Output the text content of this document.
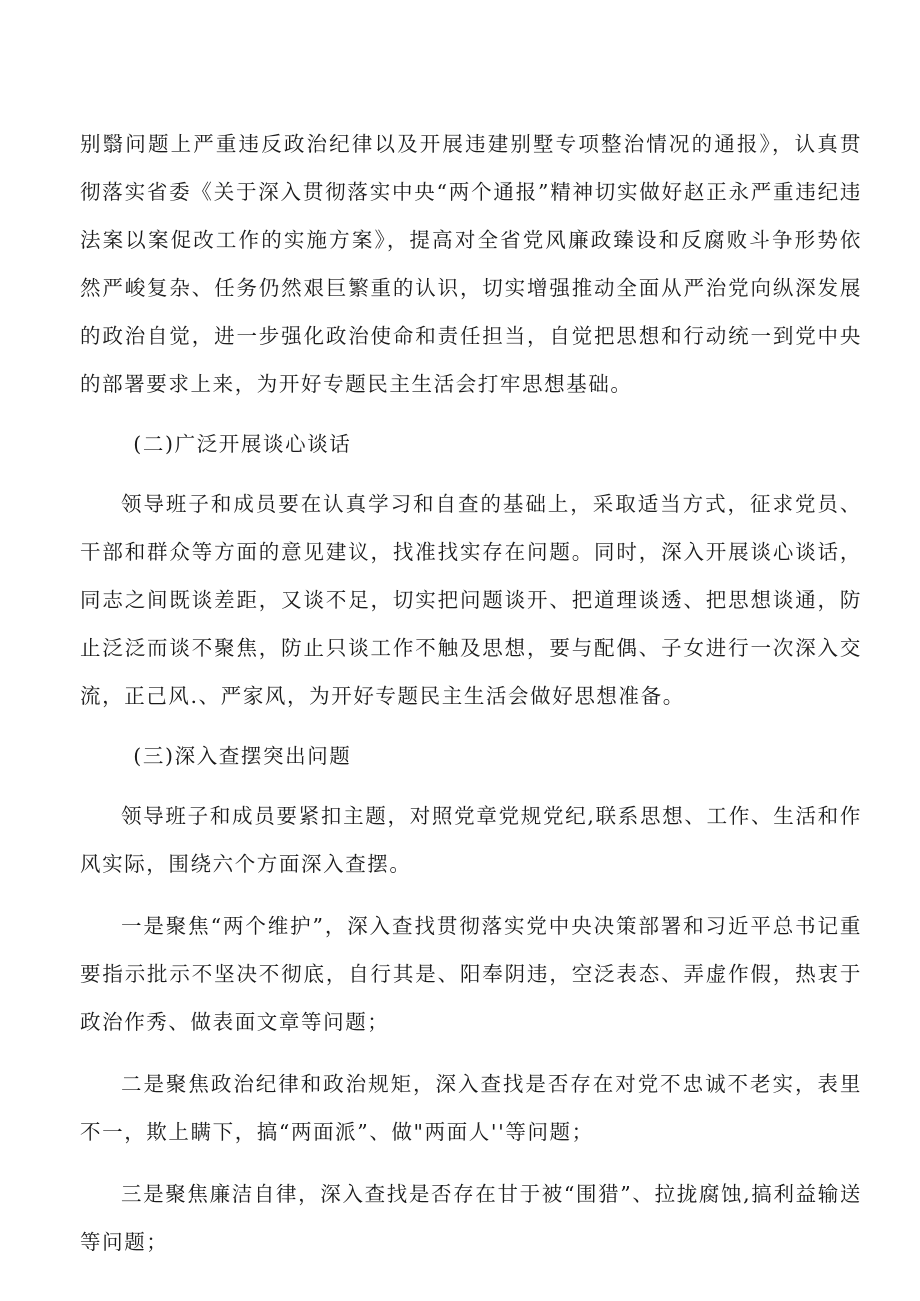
别翳问题上严重违反政治纪律以及开展违建别墅专项整治情况的通报》，认真贯彻落实省委《关于深入贯彻落实中央“两个通报”精神切实做好赵正永严重违纪违法案以案促改工作的实施方案》，提高对全省党风廉政臻设和反腐败斗争形势依然严峻复杂、任务仍然艰巨繁重的认识，切实增强推动全面从严治党向纵深发展的政治自觉，进一步强化政治使命和责任担当，自觉把思想和行动统一到党中央的部署要求上来，为开好专题民主生活会打牢思想基础。

(二)广泛开展谈心谈话

领导班子和成员要在认真学习和自查的基础上，采取适当方式，征求党员、干部和群众等方面的意见建议，找准找实存在问题。同时，深入开展谈心谈话，同志之间既谈差距，又谈不足，切实把问题谈开、把道理谈透、把思想谈通，防止泛泛而谈不聚焦，防止只谈工作不触及思想，要与配偶、子女进行一次深入交流，正己风.、严家风，为开好专题民主生活会做好思想准备。

(三)深入查摆突出问题

领导班子和成员要紧扣主题，对照党章党规党纪,联系思想、工作、生活和作风实际，围绕六个方面深入查摆。

一是聚焦“两个维护”，深入查找贯彻落实党中央决策部署和习近平总书记重要指示批示不坚决不彻底，自行其是、阳奉阴违，空泛表态、弄虚作假，热衷于政治作秀、做表面文章等问题；

二是聚焦政治纪律和政治规矩，深入查找是否存在对党不忠诚不老实，表里不一，欺上瞒下，搞“两面派”、做"两面人''等问题；

三是聚焦廉洁自律，深入查找是否存在甘于被“围猎”、拉拢腐蚀,搞利益输送等问题；
